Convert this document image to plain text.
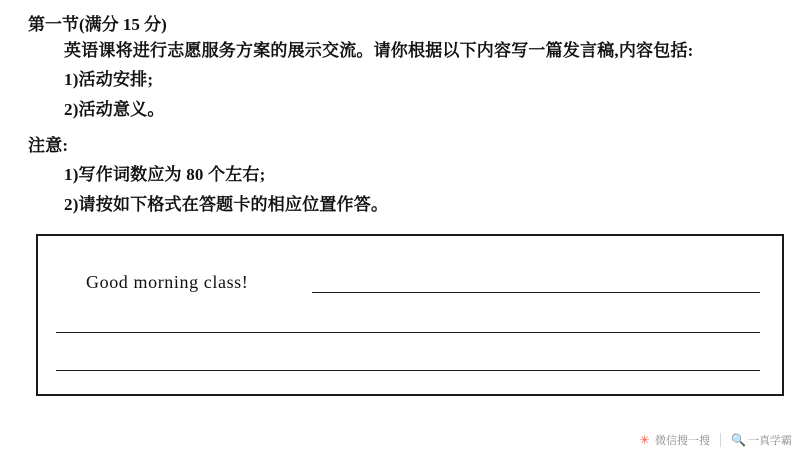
第一节(满分 15 分)
英语课将进行志愿服务方案的展示交流。请你根据以下内容写一篇发言稿,内容包括:
1)活动安排;
2)活动意义。
注意:
1)写作词数应为 80 个左右;
2)请按如下格式在答题卡的相应位置作答。
Good morning class!
✳ 微信搜一搜 🔍 一真学霸
